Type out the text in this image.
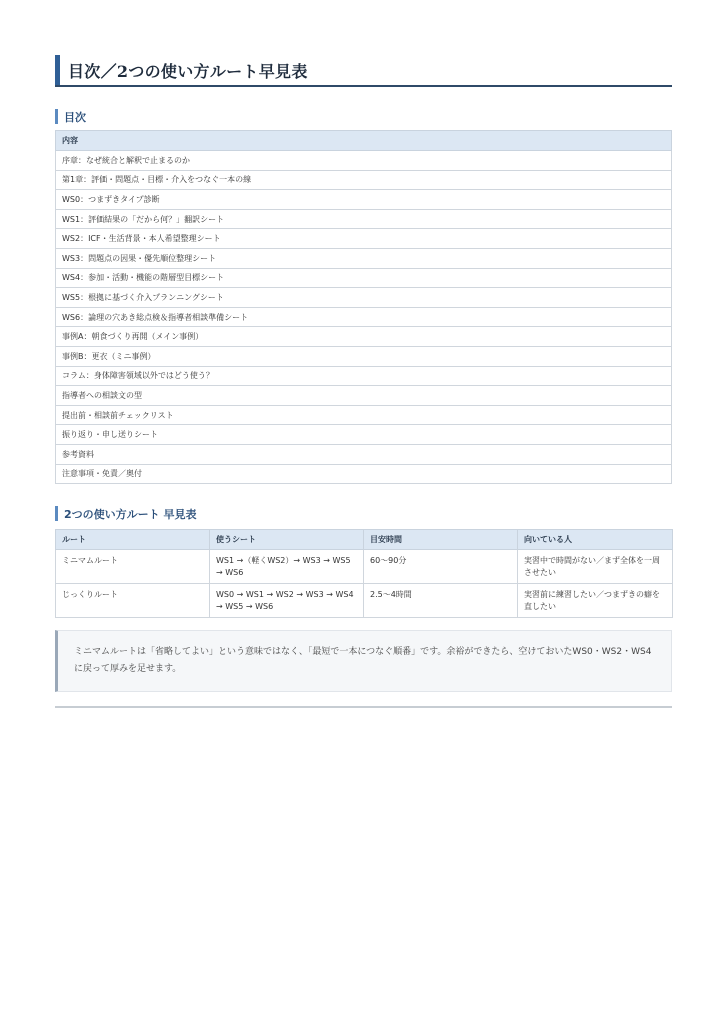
目次／2つの使い方ルート早見表
目次
内容
序章：なぜ統合と解釈で止まるのか
第1章：評価・問題点・目標・介入をつなぐ一本の線
WS0：つまずきタイプ診断
WS1：評価結果の「だから何？」翻訳シート
WS2：ICF・生活背景・本人希望整理シート
WS3：問題点の因果・優先順位整理シート
WS4：参加・活動・機能の階層型目標シート
WS5：根拠に基づく介入プランニングシート
WS6：論理の穴あき総点検＆指導者相談準備シート
事例A：朝食づくり再開（メイン事例）
事例B：更衣（ミニ事例）
コラム：身体障害領域以外ではどう使う？
指導者への相談文の型
提出前・相談前チェックリスト
振り返り・申し送りシート
参考資料
注意事項・免責／奥付
2つの使い方ルート 早見表
ルート	使うシート	目安時間	向いている人
ミニマムルート	WS1 →（軽くWS2）→ WS3 → WS5 → WS6	60〜90分	実習中で時間がない／まず全体を一周させたい
じっくりルート	WS0 → WS1 → WS2 → WS3 → WS4 → WS5 → WS6	2.5〜4時間	実習前に練習したい／つまずきの癖を直したい
ミニマムルートは「省略してよい」という意味ではなく、「最短で一本につなぐ順番」です。余裕ができたら、空けておいたWS0・WS2・WS4に戻って厚みを足せます。
